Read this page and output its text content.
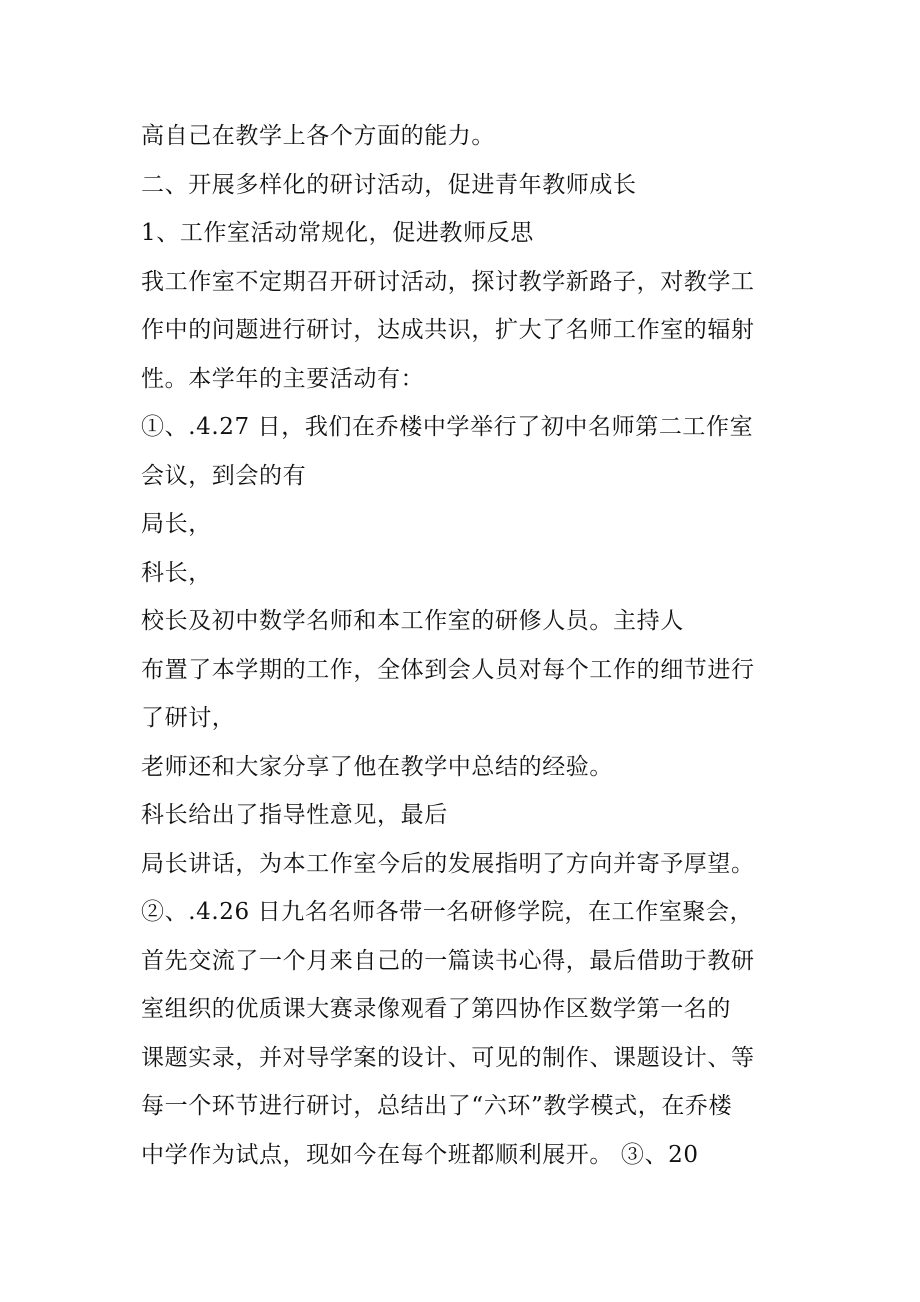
高自己在教学上各个方面的能力。
二、开展多样化的研讨活动，促进青年教师成长
1、工作室活动常规化，促进教师反思
我工作室不定期召开研讨活动，探讨教学新路子，对教学工
作中的问题进行研讨，达成共识，扩大了名师工作室的辐射
性。本学年的主要活动有：
①、.4.27 日，我们在乔楼中学举行了初中名师第二工作室
会议，到会的有
局长，
科长，
校长及初中数学名师和本工作室的研修人员。主持人
布置了本学期的工作，全体到会人员对每个工作的细节进行
了研讨，
老师还和大家分享了他在教学中总结的经验。
科长给出了指导性意见，最后
局长讲话，为本工作室今后的发展指明了方向并寄予厚望。
②、.4.26 日九名名师各带一名研修学院，在工作室聚会，
首先交流了一个月来自己的一篇读书心得，最后借助于教研
室组织的优质课大赛录像观看了第四协作区数学第一名的
课题实录，并对导学案的设计、可见的制作、课题设计、等
每一个环节进行研讨，总结出了“六环”教学模式，在乔楼
中学作为试点，现如今在每个班都顺利展开。 ③、20
